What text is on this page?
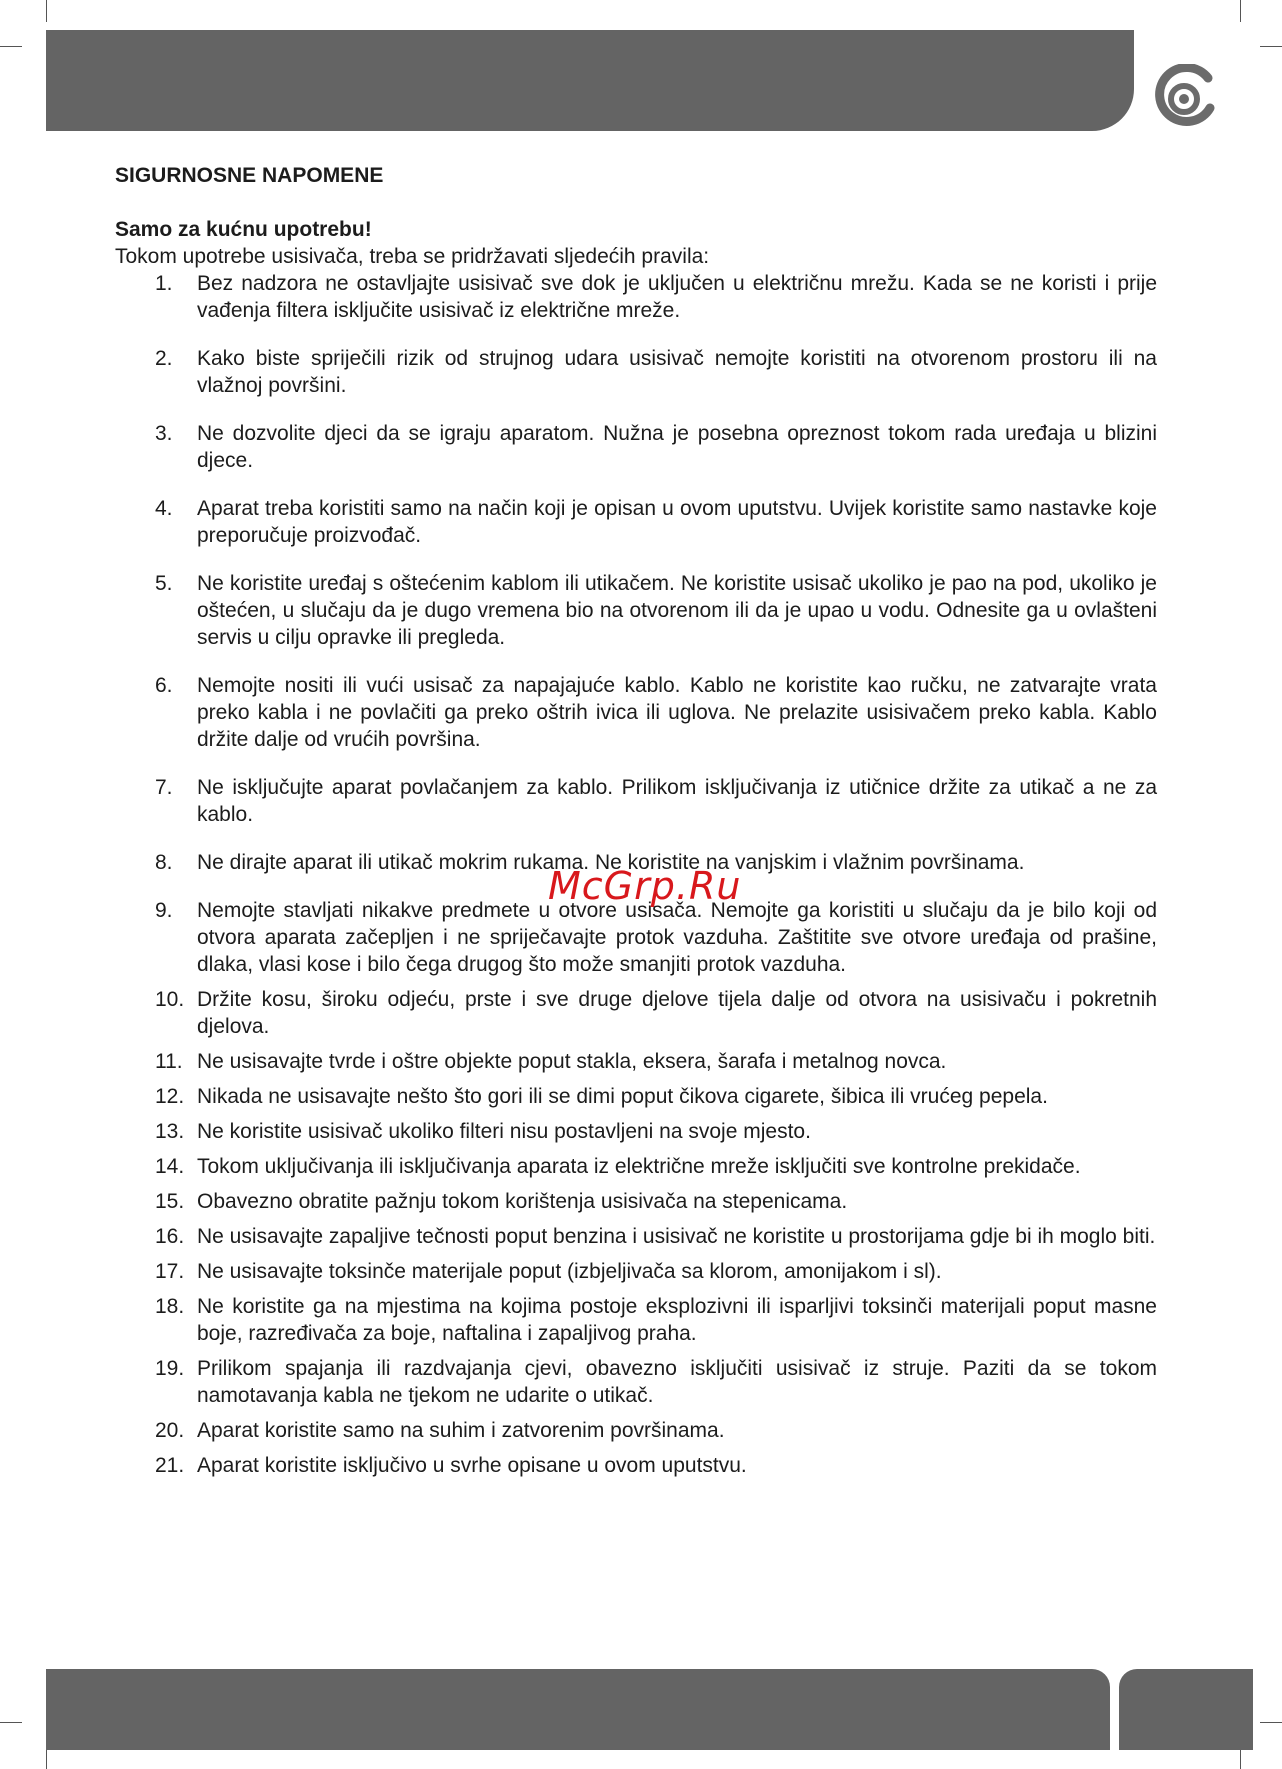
SIGURNOSNE NAPOMENE

Samo za kućnu upotrebu!

Tokom upotrebe usisivača, treba se pridržavati sljedećih pravila:

1. Bez nadzora ne ostavljajte usisivač sve dok je uključen u električnu mrežu. Kada se ne koristi i prije vađenja filtera isključite usisivač iz električne mreže.
2. Kako biste spriječili rizik od strujnog udara usisivač nemojte koristiti na otvorenom prostoru ili na vlažnoj površini.
3. Ne dozvolite djeci da se igraju aparatom. Nužna je posebna opreznost tokom rada uređaja u blizini djece.
4. Aparat treba koristiti samo na način koji je opisan u ovom uputstvu. Uvijek koristite samo nastavke koje preporučuje proizvođač.
5. Ne koristite uređaj s oštećenim kablom ili utikačem. Ne koristite usisač ukoliko je pao na pod, ukoliko je oštećen, u slučaju da je dugo vremena bio na otvorenom ili da je upao u vodu. Odnesite ga u ovlašteni servis u cilju opravke ili pregleda.
6. Nemojte nositi ili vući usisač za napajajuće kablo. Kablo ne koristite kao ručku, ne zatvarajte vrata preko kabla i ne povlačiti ga preko oštrih ivica ili uglova. Ne prelazite usisivačem preko kabla. Kablo držite dalje od vrućih površina.
7. Ne isključujte aparat povlačanjem za kablo. Prilikom isključivanja iz utičnice držite za utikač a ne za kablo.
8. Ne dirajte aparat ili utikač mokrim rukama. Ne koristite na vanjskim i vlažnim površinama.
9. Nemojte stavljati nikakve predmete u otvore usisača. Nemojte ga koristiti u slučaju da je bilo koji od otvora aparata začepljen i ne spriječavajte protok vazduha. Zaštitite sve otvore uređaja od prašine, dlaka, vlasi kose i bilo čega drugog što može smanjiti protok vazduha.
10. Držite kosu, široku odjeću, prste i sve druge djelove tijela dalje od otvora na usisivaču i pokretnih djelova.
11. Ne usisavajte tvrde i oštre objekte poput stakla, eksera, šarafa i metalnog novca.
12. Nikada ne usisavajte nešto što gori ili se dimi poput čikova cigarete, šibica ili vrućeg pepela.
13. Ne koristite usisivač ukoliko filteri nisu postavljeni na svoje mjesto.
14. Tokom uključivanja ili isključivanja aparata iz električne mreže isključiti sve kontrolne prekidače.
15. Obavezno obratite pažnju tokom korištenja usisivača na stepenicama.
16. Ne usisavajte zapaljive tečnosti poput benzina i usisivač ne koristite u prostorijama gdje bi ih moglo biti.
17. Ne usisavajte toksinče materijale poput (izbjeljivača sa klorom, amonijakom i sl).
18. Ne koristite ga na mjestima na kojima postoje eksplozivni ili isparljivi toksinči materijali poput masne boje, razređivača za boje, naftalina i zapaljivog praha.
19. Prilikom spajanja ili razdvajanja cjevi, obavezno isključiti usisivač iz struje. Paziti da se tokom namotavanja kabla ne tjekom ne udarite o utikač.
20. Aparat koristite samo na suhim i zatvorenim površinama.
21. Aparat koristite isključivo u svrhe opisane u ovom uputstvu.
McGrp.Ru
